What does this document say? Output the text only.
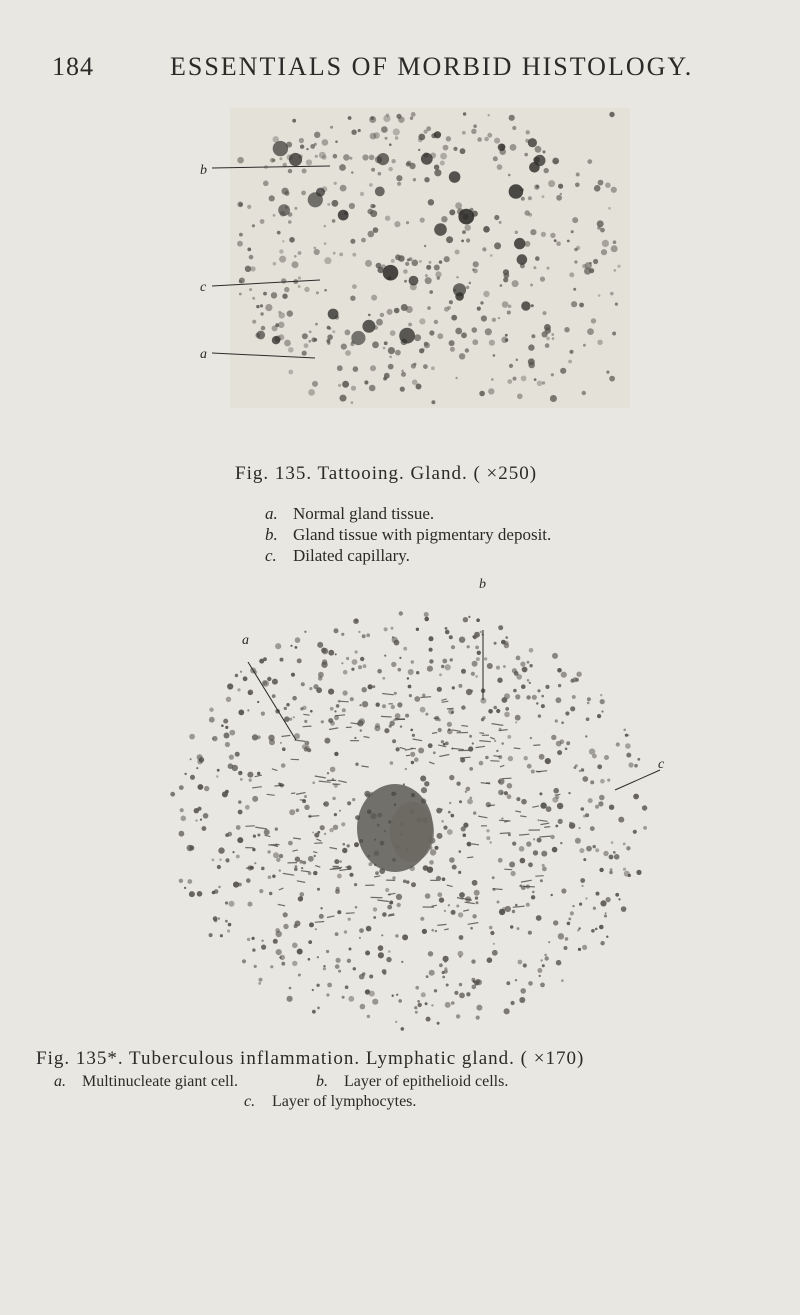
184	ESSENTIALS OF MORBID HISTOLOGY.
b
c
a
Fig. 135. Tattooing. Gland. ( ×250)
a. Normal gland tissue.
b. Gland tissue with pigmentary deposit.
c. Dilated capillary.
a
b
c
Fig. 135*. Tuberculous inflammation. Lymphatic gland. ( ×170)
a. Multinucleate giant cell.	b. Layer of epithelioid cells.
c. Layer of lymphocytes.
